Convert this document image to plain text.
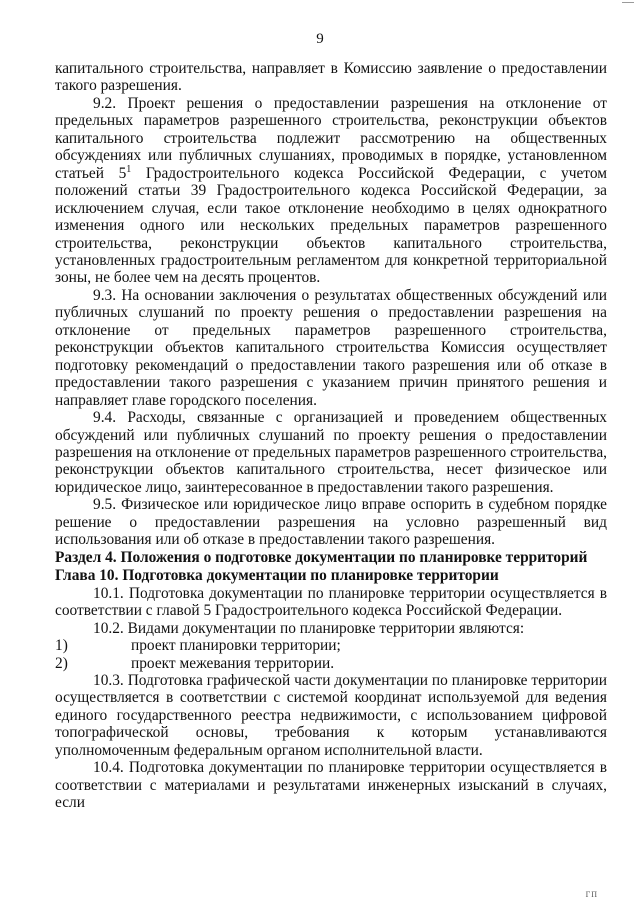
9

капитального строительства, направляет в Комиссию заявление о предоставлении такого разрешения.

9.2. Проект решения о предоставлении разрешения на отклонение от предельных параметров разрешенного строительства, реконструкции объектов капитального строительства подлежит рассмотрению на общественных обсуждениях или публичных слушаниях, проводимых в порядке, установленном статьей $5^1$ Градостроительного кодекса Российской Федерации, с учетом положений статьи 39 Градостроительного кодекса Российской Федерации, за исключением случая, если такое отклонение необходимо в целях однократного изменения одного или нескольких предельных параметров разрешенного строительства, реконструкции объектов капитального строительства, установленных градостроительным регламентом для конкретной территориальной зоны, не более чем на десять процентов.

9.3. На основании заключения о результатах общественных обсуждений или публичных слушаний по проекту решения о предоставлении разрешения на отклонение от предельных параметров разрешенного строительства, реконструкции объектов капитального строительства Комиссия осуществляет подготовку рекомендаций о предоставлении такого разрешения или об отказе в предоставлении такого разрешения с указанием причин принятого решения и направляет главе городского поселения.

9.4. Расходы, связанные с организацией и проведением общественных обсуждений или публичных слушаний по проекту решения о предоставлении разрешения на отклонение от предельных параметров разрешенного строительства, реконструкции объектов капитального строительства, несет физическое или юридическое лицо, заинтересованное в предоставлении такого разрешения.

9.5. Физическое или юридическое лицо вправе оспорить в судебном порядке решение о предоставлении разрешения на условно разрешенный вид использования или об отказе в предоставлении такого разрешения.

Раздел 4. Положения о подготовке документации по планировке территорий

Глава 10. Подготовка документации по планировке территории

10.1. Подготовка документации по планировке территории осуществляется в соответствии с главой 5 Градостроительного кодекса Российской Федерации.

10.2. Видами документации по планировке территории являются:

1)	проект планировки территории;
2)	проект межевания территории.

10.3. Подготовка графической части документации по планировке территории осуществляется в соответствии с системой координат используемой для ведения единого государственного реестра недвижимости, с использованием цифровой топографической основы, требования к которым устанавливаются уполномоченным федеральным органом исполнительной власти.

10.4. Подготовка документации по планировке территории осуществляется в соответствии с материалами и результатами инженерных изысканий в случаях, если

ГП
